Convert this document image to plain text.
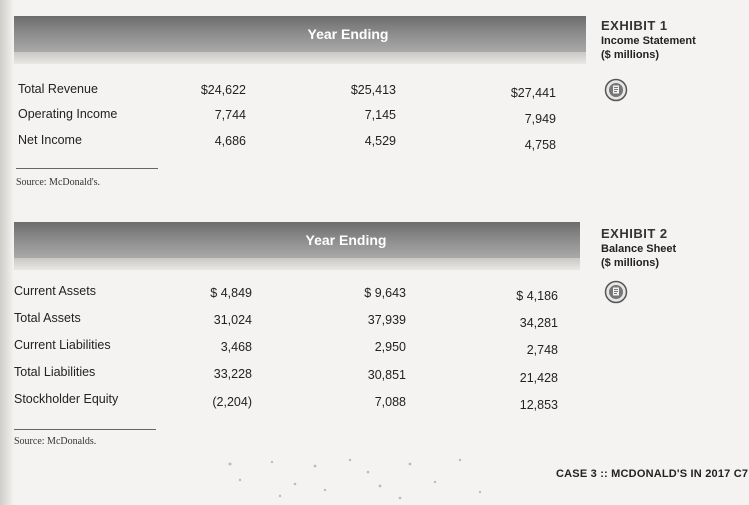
Year Ending
Total Revenue	$24,622	$25,413	$27,441
Operating Income	7,744	7,145	7,949
Net Income	4,686	4,529	4,758
Source: McDonald's.
EXHIBIT 1
Income Statement
($ millions)
Year Ending
Current Assets	$ 4,849	$ 9,643	$ 4,186
Total Assets	31,024	37,939	34,281
Current Liabilities	3,468	2,950	2,748
Total Liabilities	33,228	30,851	21,428
Stockholder Equity	(2,204)	7,088	12,853
Source: McDonalds.
EXHIBIT 2
Balance Sheet
($ millions)
CASE 3 :: MCDONALD'S IN 2017 C7
